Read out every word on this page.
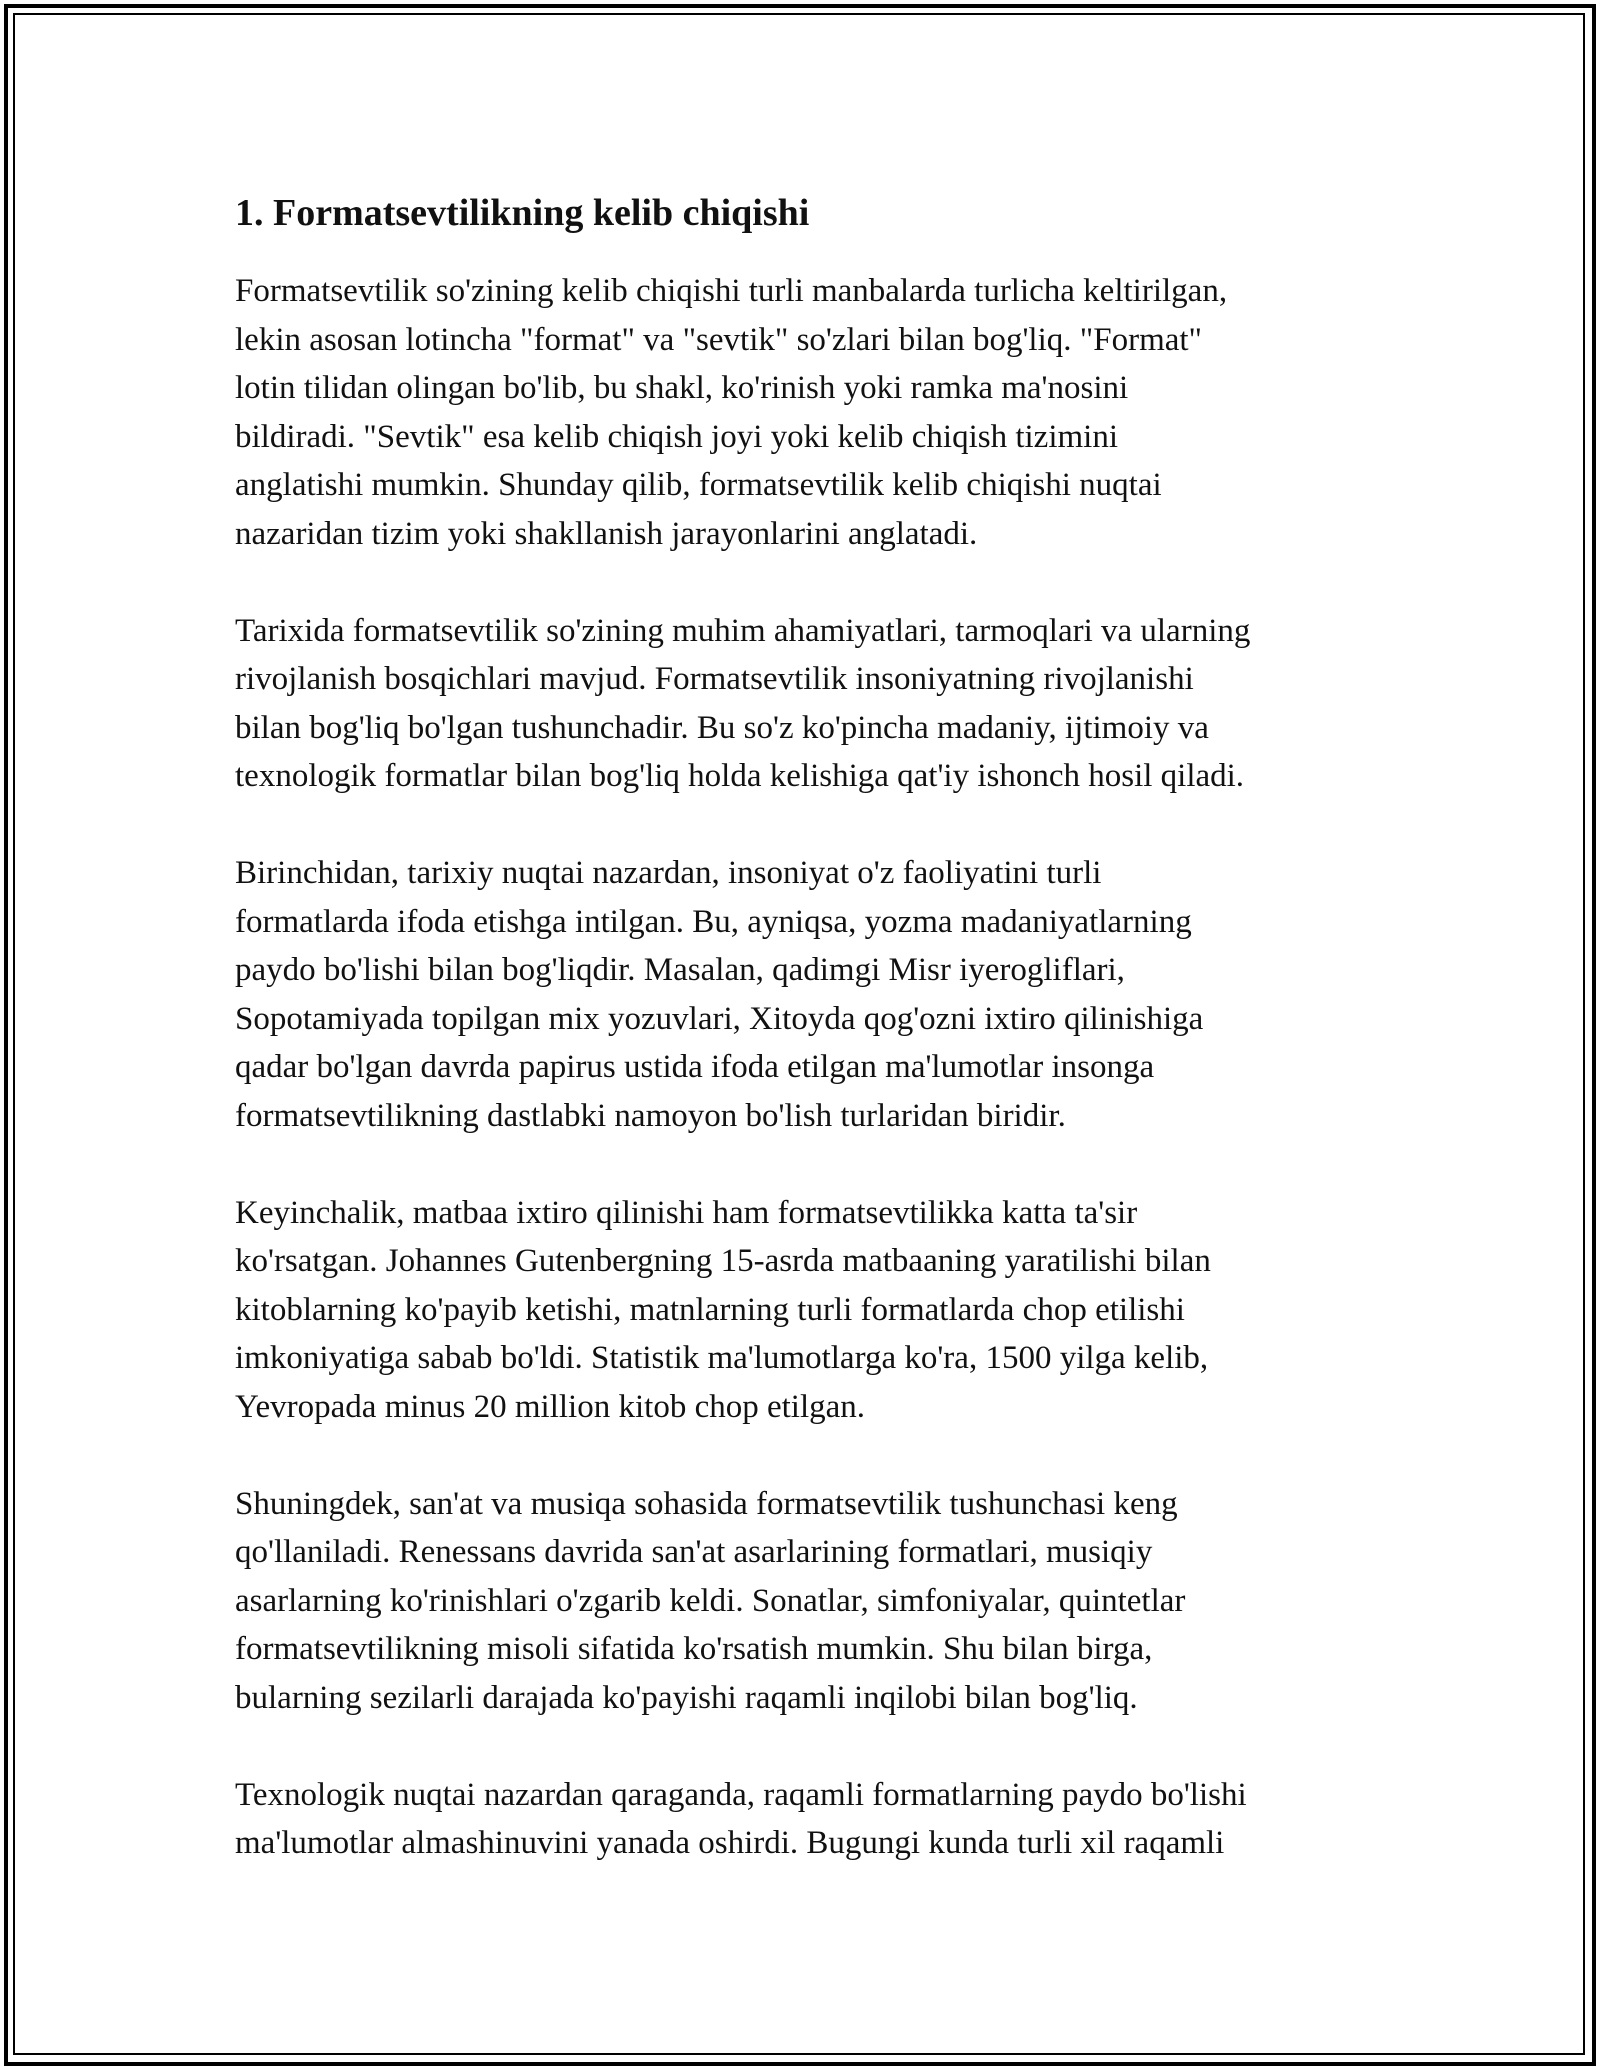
1. Formatsevtilikning kelib chiqishi

Formatsevtilik so'zining kelib chiqishi turli manbalarda turlicha keltirilgan,
lekin asosan lotincha "format" va "sevtik" so'zlari bilan bog'liq. "Format"
lotin tilidan olingan bo'lib, bu shakl, ko'rinish yoki ramka ma'nosini
bildiradi. "Sevtik" esa kelib chiqish joyi yoki kelib chiqish tizimini
anglatishi mumkin. Shunday qilib, formatsevtilik kelib chiqishi nuqtai
nazaridan tizim yoki shakllanish jarayonlarini anglatadi.

Tarixida formatsevtilik so'zining muhim ahamiyatlari, tarmoqlari va ularning
rivojlanish bosqichlari mavjud. Formatsevtilik insoniyatning rivojlanishi
bilan bog'liq bo'lgan tushunchadir. Bu so'z ko'pincha madaniy, ijtimoiy va
texnologik formatlar bilan bog'liq holda kelishiga qat'iy ishonch hosil qiladi.

Birinchidan, tarixiy nuqtai nazardan, insoniyat o'z faoliyatini turli
formatlarda ifoda etishga intilgan. Bu, ayniqsa, yozma madaniyatlarning
paydo bo'lishi bilan bog'liqdir. Masalan, qadimgi Misr iyerogliflari,
Sopotamiyada topilgan mix yozuvlari, Xitoyda qog'ozni ixtiro qilinishiga
qadar bo'lgan davrda papirus ustida ifoda etilgan ma'lumotlar insonga
formatsevtilikning dastlabki namoyon bo'lish turlaridan biridir.

Keyinchalik, matbaa ixtiro qilinishi ham formatsevtilikka katta ta'sir
ko'rsatgan. Johannes Gutenbergning 15-asrda matbaaning yaratilishi bilan
kitoblarning ko'payib ketishi, matnlarning turli formatlarda chop etilishi
imkoniyatiga sabab bo'ldi. Statistik ma'lumotlarga ko'ra, 1500 yilga kelib,
Yevropada minus 20 million kitob chop etilgan.

Shuningdek, san'at va musiqa sohasida formatsevtilik tushunchasi keng
qo'llaniladi. Renessans davrida san'at asarlarining formatlari, musiqiy
asarlarning ko'rinishlari o'zgarib keldi. Sonatlar, simfoniyalar, quintetlar
formatsevtilikning misoli sifatida ko'rsatish mumkin. Shu bilan birga,
bularning sezilarli darajada ko'payishi raqamli inqilobi bilan bog'liq.

Texnologik nuqtai nazardan qaraganda, raqamli formatlarning paydo bo'lishi
ma'lumotlar almashinuvini yanada oshirdi. Bugungi kunda turli xil raqamli
